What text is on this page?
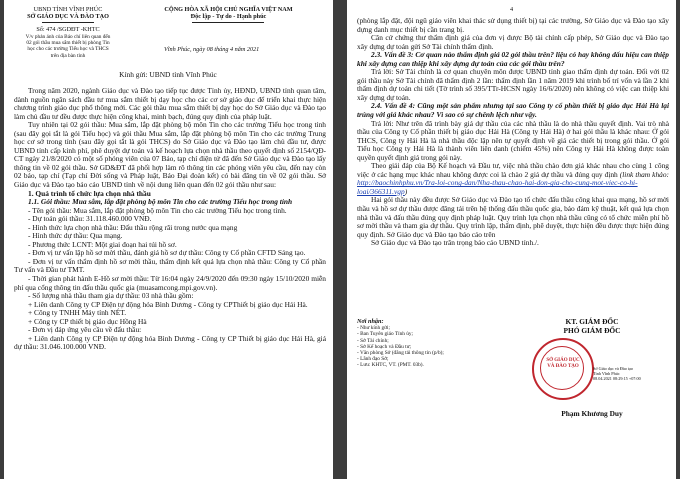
UBND TỈNH VĨNH PHÚC
SỞ GIÁO DỤC VÀ ĐÀO TẠO
Số: 474 /SGDĐT -KHTC
V/v phản ánh của Báo chí liên quan đến
02 gói thầu mua sắm thiết bị phòng Tin
học cho các trường Tiểu học và THCS
trên địa bàn tỉnh
CỘNG HÒA XÃ HỘI CHỦ NGHĨA VIỆT NAM
Độc lập - Tự do - Hạnh phúc
Vĩnh Phúc, ngày 08 tháng 4 năm 2021
Kính gửi: UBND tỉnh Vĩnh Phúc

Trong năm 2020, ngành Giáo dục và Đào tạo tiếp tục được Tỉnh ủy, HĐND, UBND tỉnh quan tâm, dành nguồn ngân sách đầu tư mua sắm thiết bị dạy học cho các cơ sở giáo dục để triển khai thực hiện chương trình giáo dục phổ thông mới. Các gói thầu mua sắm thiết bị dạy học do Sở Giáo dục và Đào tạo làm chủ đầu tư đều được thực hiện công khai, minh bạch, đúng quy định của pháp luật.

Tuy nhiên tại 02 gói thầu: Mua sắm, lắp đặt phòng bộ môn Tin cho các trường Tiểu học trong tỉnh (sau đây gọi tắt là gói Tiểu học) và gói thầu Mua sắm, lắp đặt phòng bộ môn Tin cho các trường Trung học cơ sở trong tỉnh (sau đây gọi tắt là gói THCS) do Sở Giáo dục và Đào tạo làm chủ đầu tư, được UBND tỉnh cấp kinh phí, phê duyệt dự toán và kế hoạch lựa chọn nhà thầu theo quyết định số 2154/QĐ-CT ngày 21/8/2020 có một số phóng viên của 07 Báo, tạp chí điện tử đã đến Sở Giáo dục và Đào tạo lấy thông tin về 02 gói thầu. Sở GD&ĐT đã phối hợp làm rõ thông tin các phóng viên yêu cầu, đến nay còn 02 báo, tạp chí (Tạp chí Đời sống và Pháp luật, Báo Đại đoàn kết) có bài đăng tin về 02 gói thầu. Sở Giáo dục và Đào tạo báo cáo UBND tỉnh về nội dung liên quan đến 02 gói thầu như sau:

1. Quá trình tổ chức lựa chọn nhà thầu

1.1. Gói thầu: Mua sắm, lắp đặt phòng bộ môn Tin cho các trường Tiểu học trong tỉnh

- Tên gói thầu: Mua sắm, lắp đặt phòng bộ môn Tin cho các trường Tiểu học trong tỉnh.

- Dự toán gói thầu: 31.118.460.000 VNĐ.

- Hình thức lựa chọn nhà thầu: Đấu thầu rộng rãi trong nước qua mạng

- Hình thức dự thầu: Qua mạng.

- Phương thức LCNT: Một giai đoạn hai túi hồ sơ.

- Đơn vị tư vấn lập hồ sơ mời thầu, đánh giá hồ sơ dự thầu: Công ty Cổ phần CFTD Sáng tạo.

- Đơn vị tư vấn thẩm định hồ sơ mời thầu, thẩm định kết quả lựa chọn nhà thầu: Công ty Cổ phần Tư vấn và Đầu tư TMT.

- Thời gian phát hành E-Hồ sơ mời thầu: Từ 16:04 ngày 24/9/2020 đến 09:30 ngày 15/10/2020 miễn phí qua cổng thông tin đấu thầu quốc gia (muasamcong.mpi.gov.vn).

- Số lượng nhà thầu tham gia dự thầu: 03 nhà thầu gồm:

+ Liên danh Công ty CP Điện tự động hóa Bình Dương - Công ty CPThiết bị giáo dục Hải Hà.

+ Công ty TNHH Máy tính NÉT.

+ Công ty CP thiết bị giáo dục Hồng Hà

- Đơn vị đáp ứng yêu cầu về đấu thầu:

+ Liên danh Công ty CP Điện tự động hóa Bình Dương - Công ty CP Thiết bị giáo dục Hải Hà, giá dự thầu: 31.046.100.000 VNĐ.

4

(phòng lắp đặt, đội ngũ giáo viên khai thác sử dụng thiết bị) tại các trường, Sở Giáo dục và Đào tạo xây dựng danh mục thiết bị cần trang bị.

Căn cứ chứng thư thẩm định giá của đơn vị được Bộ tài chính cấp phép, Sở Giáo dục và Đào tạo xây dựng dự toán gửi Sở Tài chính thẩm định.

2.3. Vấn đề 3: Cơ quan nào thẩm định giá 02 gói thầu trên? liệu có hay không dấu hiệu can thiệp khi xây dựng can thiệp khi xây dựng dự toán của các gói thầu trên?

Trả lời: Sở Tài chính là cơ quan chuyên môn được UBND tỉnh giao thẩm định dự toán. Đối với 02 gói thầu này Sở Tài chính đã thẩm định 2 lần: thẩm định lần 1 năm 2019 khi trình bố trí vốn và lần 2 khi thẩm định dự toán chi tiết (Tờ trình số 395/TTr-HCSN ngày 16/6/2020) nên không có việc can thiệp khi xây dựng dự toán.

2.4. Vấn đề 4: Cũng một sản phẩm nhưng tại sao Công ty cổ phần thiết bị giáo dục Hải Hà lại trúng với giá khác nhau? Vì sao có sự chênh lệch như vậy.

Trả lời: Như trên đã trình bày giá dự thầu của các nhà thầu là do nhà thầu quyết định. Vai trò nhà thầu của Công ty Cổ phần thiết bị giáo dục Hải Hà (Công ty Hải Hà) ở hai gói thầu là khác nhau: Ở gói THCS, Công ty Hải Hà là nhà thầu độc lập nên tự quyết định về giá các thiết bị trong gói thầu. Ở gói Tiểu học Công ty Hải Hà là thành viên liên danh (chiếm 45%) nên Công ty Hải Hà không được toàn quyền quyết định giá trong gói này.

Theo giải đáp của Bộ Kế hoạch và Đầu tư, việc nhà thầu chào đơn giá khác nhau cho cùng 1 công việc ở các hạng mục khác nhau không được coi là chào 2 giá dự thầu và đúng quy định (link tham khảo: http://baochinhphu.vn/Tra-loi-cong-dan/Nha-thau-chao-hai-don-gia-cho-cung-mot-viec-co-hi-loai/366311.vgp)

Hai gói thầu này đều được Sở Giáo dục và Đào tạo tổ chức đấu thầu công khai qua mạng, hồ sơ mời thầu và hồ sơ dự thầu được đăng tải trên hệ thống đấu thầu quốc gia, bảo đảm kỹ thuật, kết quả lựa chọn nhà thầu và đấu thầu đúng quy định pháp luật. Quy trình lựa chọn nhà thầu cũng có tổ chức miễn phí hồ sơ mời thầu và tham gia dự thầu. Quy trình lập, thẩm định, phê duyệt, thực hiện đều được thực hiện đúng quy định. Sở Giáo dục và Đào tạo báo cáo trên

Sở Giáo dục và Đào tạo trân trọng báo cáo UBND tỉnh./.

Nơi nhận:
- Như kính gửi;
- Ban Tuyên giáo Tỉnh ủy;
- Sở Tài chính;
- Sở Kế hoạch và Đầu tư;
- Văn phòng Sở (đăng tải thông tin (p/b);
- Lãnh đạo Sở;
- Lưu: KHTC, VT. (PMT. 03b).
KT. GIÁM ĐỐC
PHÓ GIÁM ĐỐC
SỞ GIÁO DỤC VÀ ĐÀO TẠO	Sở Giáo dục và Đào tạo
Tỉnh Vĩnh Phúc
08.04.2021 08:29:15 +07:00
Phạm Khương Duy
